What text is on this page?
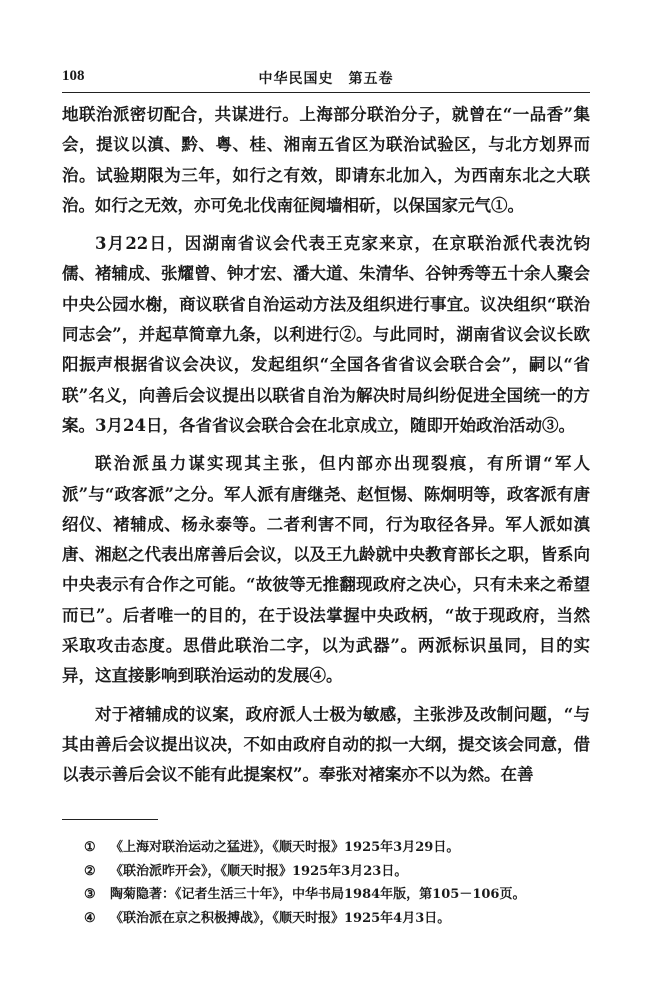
108	中华民国史　第五卷

地联治派密切配合，共谋进行。上海部分联治分子，就曾在“一品香”集会，提议以滇、黔、粤、桂、湘南五省区为联治试验区，与北方划界而治。试验期限为三年，如行之有效，即请东北加入，为西南东北之大联治。如行之无效，亦可免北伐南征阋墙相斫，以保国家元气①。

3月22日，因湖南省议会代表王克家来京，在京联治派代表沈钧儒、褚辅成、张耀曾、钟才宏、潘大道、朱清华、谷钟秀等五十余人聚会中央公园水榭，商议联省自治运动方法及组织进行事宜。议决组织“联治同志会”，并起草简章九条，以利进行②。与此同时，湖南省议会议长欧阳振声根据省议会决议，发起组织“全国各省省议会联合会”，嗣以“省联”名义，向善后会议提出以联省自治为解决时局纠纷促进全国统一的方案。3月24日，各省省议会联合会在北京成立，随即开始政治活动③。

联治派虽力谋实现其主张，但内部亦出现裂痕，有所谓“军人派”与“政客派”之分。军人派有唐继尧、赵恒惕、陈炯明等，政客派有唐绍仪、褚辅成、杨永泰等。二者利害不同，行为取径各异。军人派如滇唐、湘赵之代表出席善后会议，以及王九龄就中央教育部长之职，皆系向中央表示有合作之可能。“故彼等无推翻现政府之决心，只有未来之希望而已”。后者唯一的目的，在于设法掌握中央政柄，“故于现政府，当然采取攻击态度。思借此联治二字，以为武器”。两派标识虽同，目的实异，这直接影响到联治运动的发展④。

对于褚辅成的议案，政府派人士极为敏感，主张涉及改制问题，“与其由善后会议提出议决，不如由政府自动的拟一大纲，提交该会同意，借以表示善后会议不能有此提案权”。奉张对褚案亦不以为然。在善

① 《上海对联治运动之猛进》，《顺天时报》1925年3月29日。
② 《联治派昨开会》，《顺天时报》1925年3月23日。
③ 陶菊隐著：《记者生活三十年》，中华书局1984年版，第105－106页。
④ 《联治派在京之积极搏战》，《顺天时报》1925年4月3日。
